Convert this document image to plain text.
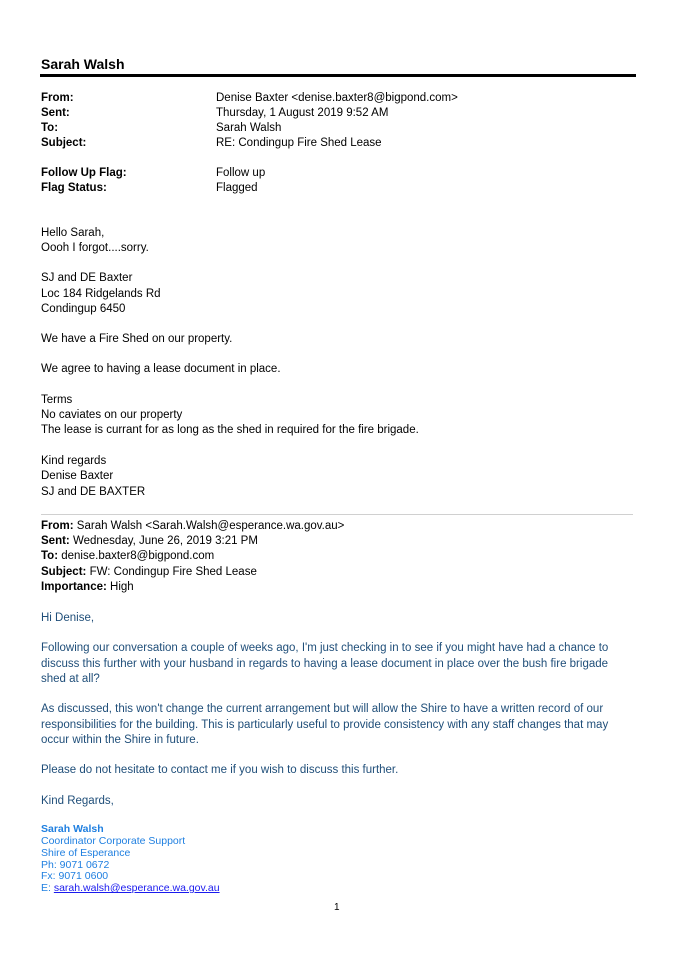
Sarah Walsh
From:	Denise Baxter <denise.baxter8@bigpond.com>
Sent:	Thursday, 1 August 2019 9:52 AM
To:	Sarah Walsh
Subject:	RE: Condingup Fire Shed Lease
Follow Up Flag:	Follow up
Flag Status:	Flagged
Hello Sarah,
Oooh I forgot....sorry.
SJ and DE Baxter
Loc 184 Ridgelands Rd
Condingup 6450
We have a Fire Shed on our property.
We agree to having a lease document in place.
Terms
No caviates on our property
The lease is currant for as long as the shed in required for the fire brigade.
Kind regards
Denise Baxter
SJ and DE BAXTER
From: Sarah Walsh <Sarah.Walsh@esperance.wa.gov.au>
Sent: Wednesday, June 26, 2019 3:21 PM
To: denise.baxter8@bigpond.com
Subject: FW: Condingup Fire Shed Lease
Importance: High
Hi Denise,
Following our conversation a couple of weeks ago, I'm just checking in to see if you might have had a chance to discuss this further with your husband in regards to having a lease document in place over the bush fire brigade shed at all?
As discussed, this won't change the current arrangement but will allow the Shire to have a written record of our responsibilities for the building. This is particularly useful to provide consistency with any staff changes that may occur within the Shire in future.
Please do not hesitate to contact me if you wish to discuss this further.
Kind Regards,
Sarah Walsh
Coordinator Corporate Support
Shire of Esperance
Ph: 9071 0672
Fx: 9071 0600
E: sarah.walsh@esperance.wa.gov.au
1
